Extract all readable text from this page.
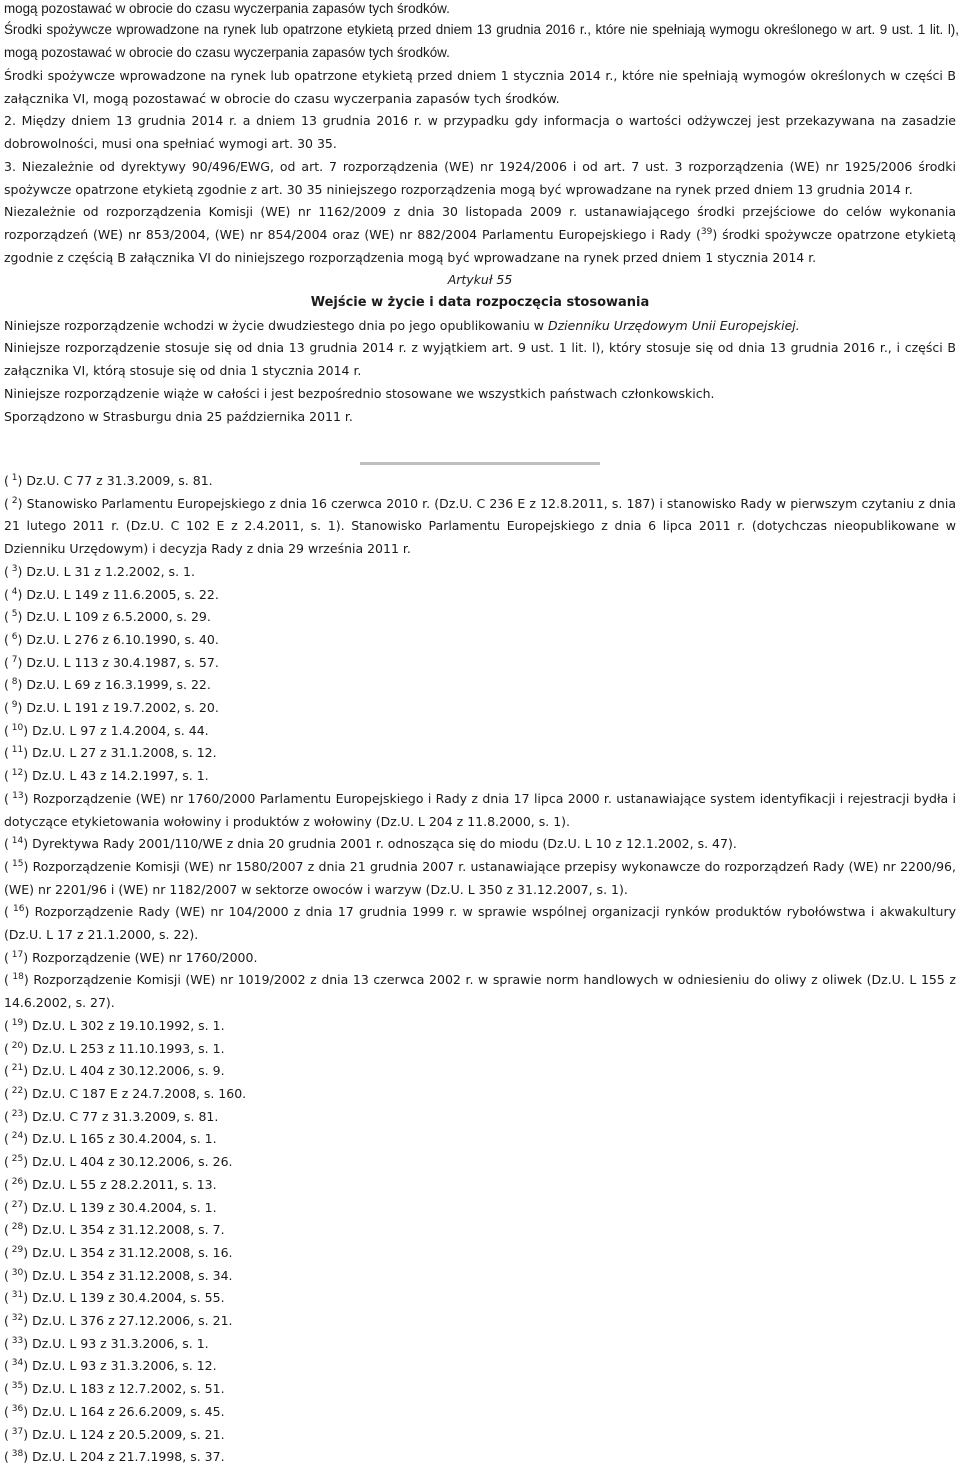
mogą pozostawać w obrocie do czasu wyczerpania zapasów tych środków.

Środki spożywcze wprowadzone na rynek lub opatrzone etykietą przed dniem 13 grudnia 2016 r., które nie spełniają wymogu określonego w art. 9 ust. 1 lit. l), mogą pozostawać w obrocie do czasu wyczerpania zapasów tych środków.

Środki spożywcze wprowadzone na rynek lub opatrzone etykietą przed dniem 1 stycznia 2014 r., które nie spełniają wymogów określonych w części B załącznika VI, mogą pozostawać w obrocie do czasu wyczerpania zapasów tych środków.

2. Między dniem 13 grudnia 2014 r. a dniem 13 grudnia 2016 r. w przypadku gdy informacja o wartości odżywczej jest przekazywana na zasadzie dobrowolności, musi ona spełniać wymogi art. 30 35.

3. Niezależnie od dyrektywy 90/496/EWG, od art. 7 rozporządzenia (WE) nr 1924/2006 i od art. 7 ust. 3 rozporządzenia (WE) nr 1925/2006 środki spożywcze opatrzone etykietą zgodnie z art. 30 35 niniejszego rozporządzenia mogą być wprowadzane na rynek przed dniem 13 grudnia 2014 r.

Niezależnie od rozporządzenia Komisji (WE) nr 1162/2009 z dnia 30 listopada 2009 r. ustanawiającego środki przejściowe do celów wykonania rozporządzeń (WE) nr 853/2004, (WE) nr 854/2004 oraz (WE) nr 882/2004 Parlamentu Europejskiego i Rady ($^{39}$) środki spożywcze opatrzone etykietą zgodnie z częścią B załącznika VI do niniejszego rozporządzenia mogą być wprowadzane na rynek przed dniem 1 stycznia 2014 r.

Artykuł 55

Wejście w życie i data rozpoczęcia stosowania

Niniejsze rozporządzenie wchodzi w życie dwudziestego dnia po jego opublikowaniu w Dzienniku Urzędowym Unii Europejskiej.

Niniejsze rozporządzenie stosuje się od dnia 13 grudnia 2014 r. z wyjątkiem art. 9 ust. 1 lit. l), który stosuje się od dnia 13 grudnia 2016 r., i części B załącznika VI, którą stosuje się od dnia 1 stycznia 2014 r.

Niniejsze rozporządzenie wiąże w całości i jest bezpośrednio stosowane we wszystkich państwach członkowskich.

Sporządzono w Strasburgu dnia 25 października 2011 r.

( $^1$) Dz.U. C 77 z 31.3.2009, s. 81.

( $^2$) Stanowisko Parlamentu Europejskiego z dnia 16 czerwca 2010 r. (Dz.U. C 236 E z 12.8.2011, s. 187) i stanowisko Rady w pierwszym czytaniu z dnia 21 lutego 2011 r. (Dz.U. C 102 E z 2.4.2011, s. 1). Stanowisko Parlamentu Europejskiego z dnia 6 lipca 2011 r. (dotychczas nieopublikowane w Dzienniku Urzędowym) i decyzja Rady z dnia 29 września 2011 r.

( $^3$) Dz.U. L 31 z 1.2.2002, s. 1.

( $^4$) Dz.U. L 149 z 11.6.2005, s. 22.

( $^5$) Dz.U. L 109 z 6.5.2000, s. 29.

( $^6$) Dz.U. L 276 z 6.10.1990, s. 40.

( $^7$) Dz.U. L 113 z 30.4.1987, s. 57.

( $^8$) Dz.U. L 69 z 16.3.1999, s. 22.

( $^9$) Dz.U. L 191 z 19.7.2002, s. 20.

( $^{10}$) Dz.U. L 97 z 1.4.2004, s. 44.

( $^{11}$) Dz.U. L 27 z 31.1.2008, s. 12.

( $^{12}$) Dz.U. L 43 z 14.2.1997, s. 1.

( $^{13}$) Rozporządzenie (WE) nr 1760/2000 Parlamentu Europejskiego i Rady z dnia 17 lipca 2000 r. ustanawiające system identyfikacji i rejestracji bydła i dotyczące etykietowania wołowiny i produktów z wołowiny (Dz.U. L 204 z 11.8.2000, s. 1).

( $^{14}$) Dyrektywa Rady 2001/110/WE z dnia 20 grudnia 2001 r. odnosząca się do miodu (Dz.U. L 10 z 12.1.2002, s. 47).

( $^{15}$) Rozporządzenie Komisji (WE) nr 1580/2007 z dnia 21 grudnia 2007 r. ustanawiające przepisy wykonawcze do rozporządzeń Rady (WE) nr 2200/96, (WE) nr 2201/96 i (WE) nr 1182/2007 w sektorze owoców i warzyw (Dz.U. L 350 z 31.12.2007, s. 1).

( $^{16}$) Rozporządzenie Rady (WE) nr 104/2000 z dnia 17 grudnia 1999 r. w sprawie wspólnej organizacji rynków produktów rybołówstwa i akwakultury (Dz.U. L 17 z 21.1.2000, s. 22).

( $^{17}$) Rozporządzenie (WE) nr 1760/2000.

( $^{18}$) Rozporządzenie Komisji (WE) nr 1019/2002 z dnia 13 czerwca 2002 r. w sprawie norm handlowych w odniesieniu do oliwy z oliwek (Dz.U. L 155 z 14.6.2002, s. 27).

( $^{19}$) Dz.U. L 302 z 19.10.1992, s. 1.

( $^{20}$) Dz.U. L 253 z 11.10.1993, s. 1.

( $^{21}$) Dz.U. L 404 z 30.12.2006, s. 9.

( $^{22}$) Dz.U. C 187 E z 24.7.2008, s. 160.

( $^{23}$) Dz.U. C 77 z 31.3.2009, s. 81.

( $^{24}$) Dz.U. L 165 z 30.4.2004, s. 1.

( $^{25}$) Dz.U. L 404 z 30.12.2006, s. 26.

( $^{26}$) Dz.U. L 55 z 28.2.2011, s. 13.

( $^{27}$) Dz.U. L 139 z 30.4.2004, s. 1.

( $^{28}$) Dz.U. L 354 z 31.12.2008, s. 7.

( $^{29}$) Dz.U. L 354 z 31.12.2008, s. 16.

( $^{30}$) Dz.U. L 354 z 31.12.2008, s. 34.

( $^{31}$) Dz.U. L 139 z 30.4.2004, s. 55.

( $^{32}$) Dz.U. L 376 z 27.12.2006, s. 21.

( $^{33}$) Dz.U. L 93 z 31.3.2006, s. 1.

( $^{34}$) Dz.U. L 93 z 31.3.2006, s. 12.

( $^{35}$) Dz.U. L 183 z 12.7.2002, s. 51.

( $^{36}$) Dz.U. L 164 z 26.6.2009, s. 45.

( $^{37}$) Dz.U. L 124 z 20.5.2009, s. 21.

( $^{38}$) Dz.U. L 204 z 21.7.1998, s. 37.
